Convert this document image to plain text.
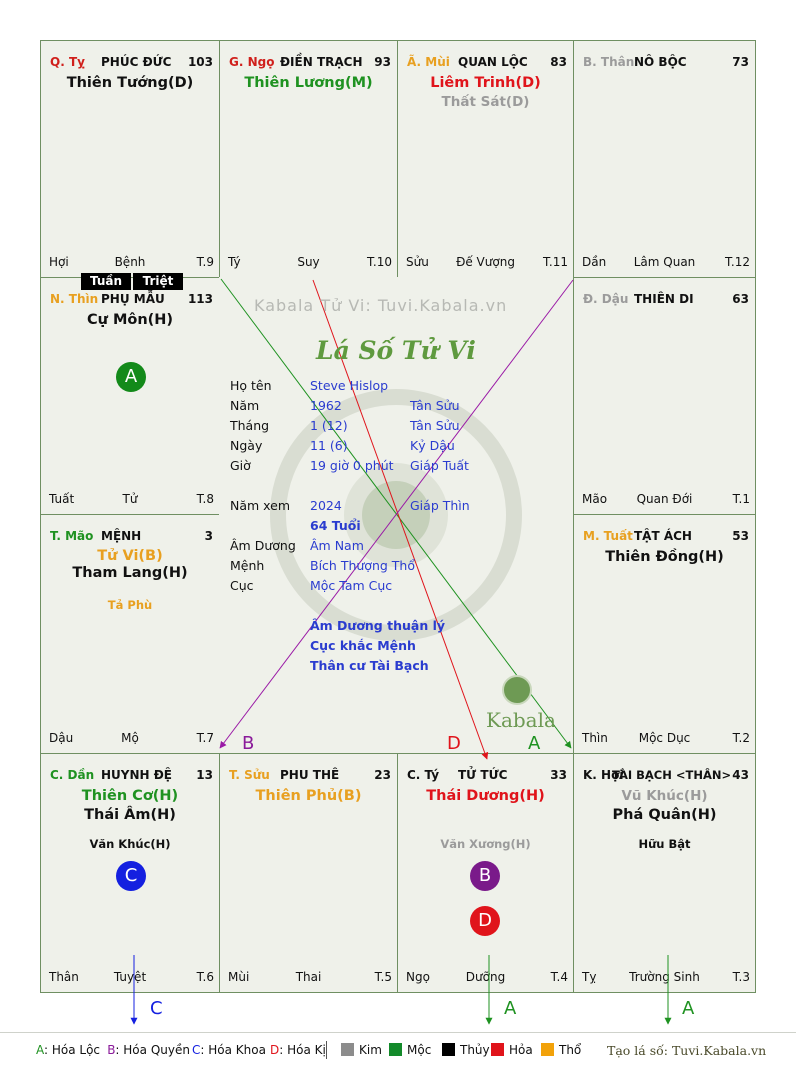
Q. Tỵ PHÚC ĐỨC 103
Thiên Tướng(D)
Hợi	Bệnh	T.9
G. Ngọ ĐIỀN TRẠCH 93
Thiên Lương(M)
Tý	Suy	T.10
Ã. Mùi QUAN LỘC 83
Liêm Trinh(D)
Thất Sát(D)
Sửu	Đế Vượng	T.11
B. Thân NÔ BỘC	73
Dần	Lâm Quan	T.12
N. Thìn PHỤ MẪU 113
Cự Môn(H)
Tuất	Tử	T.8
Đ. Dậu THIÊN DI	63
Mão	Quan Đới	T.1
T. Mão MỆNH	3
Tử Vi(B)
Tham Lang(H)
Tả Phù
Dậu	Mộ	T.7
M. Tuất TẬT ÁCH	53
Thiên Đồng(H)
Thìn	Mộc Dục	T.2
C. Dần HUYNH ĐỆ 13
Thiên Cơ(H)
Thái Âm(H)
Văn Khúc(H)
Thân	Tuyệt	T.6
T. Sửu PHU THÊ	23
Thiên Phủ(B)
Mùi	Thai	T.5
C. Tý TỬ TỨC	33
Thái Dương(H)
Văn Xương(H)
Ngọ	Dưỡng	T.4
K. Hợi
TÀI BẠCH <THÂN> 43
Vũ Khúc(H)
Phá Quân(H)
Hữu Bật
Tỵ	Trường Sinh	T.3
Tuần	Triệt
Kabala Tử Vi: Tuvi.Kabala.vn
Lá Số Tử Vi
Họ tên	Steve Hislop
Năm	1962	Tân Sửu
Tháng	1 (12)	Tân Sửu
Ngày	11 (6)	Kỷ Dậu
Giờ	19 giờ 0 phút Giáp Tuất
Năm xem 2024	Giáp Thìn
64 Tuổi
Âm Dương Âm Nam
Mệnh	Bích Thượng Thổ
Cục	Mộc Tam Cục
Âm Dương thuận lý
Cục khắc Mệnh
Thân cư Tài Bạch
Kabala
A
C	B
D
B	D	A
C	A	A
A: Hóa Lộc B: Hóa Quyền C: Hóa Khoa D: Hóa Kị	Kim	Mộc	Thủy	Hỏa	Thổ Tạo lá số: Tuvi.Kabala.vn
